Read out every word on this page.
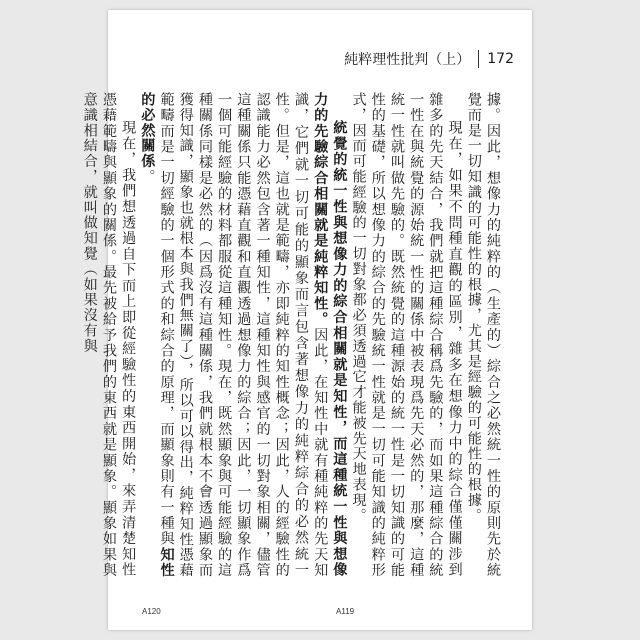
純粹理性批判（上） 172

據。因此，想像力的純粹的（生產的）綜合之必然統一性的原則先於統覺而是一切知識的可能性的根據，尤其是經驗的可能性的根據。

現在，如果不問種直觀的區別，雜多在想像力中的綜合僅僅關涉到雜多的先天結合，我們就把這種綜合稱爲先驗的，而如果這種綜合的統一性在與統覺的源始統一性的關係中被表現爲先天必然的，那麼，這種統一性就叫做先驗的。既然統覺的這種源始的統一性是一切知識的可能性的基礎，所以想像力的綜合的先驗統一性就是一切可能知識的純粹形式，因而可能經驗的一切對象都必須透過它才能被先天地表現。

統覺的統一性與想像力的綜合相關就是知性，而這種統一性與想像力的先驗綜合相關就是純粹知性。因此，在知性中就有種純粹的先天知識，它們就一切可能的顯象而言包含著想像力的純粹綜合的必然統一性。但是，這也就是範疇，亦即純粹的知性概念；因此，人的經驗性的認識能力必然包含著一種知性，這種知性與感官的一切對象相關，儘管這種關係只能憑藉直觀和直觀透過想像力的綜合；因此，一切顯象作爲一個可能經驗的材料都服從這種知性。現在，既然顯象與可能經驗的這種關係同樣是必然的（因爲沒有這種關係，我們就根本不會透過顯象而獲得知識，顯象也就根本與我們無關了），所以可以得出，純粹知性憑藉範疇而是一切經驗的一個形式的和綜合的原理，而顯象則有一種與知性的必然關係。

現在，我們想透過自下而上即從經驗性的東西開始，來弄清楚知性憑藉範疇與顯象的關係。最先被給予我們的東西就是顯象。顯象如果與意識相結合，就叫做知覺（如果沒有與

A120	A119
